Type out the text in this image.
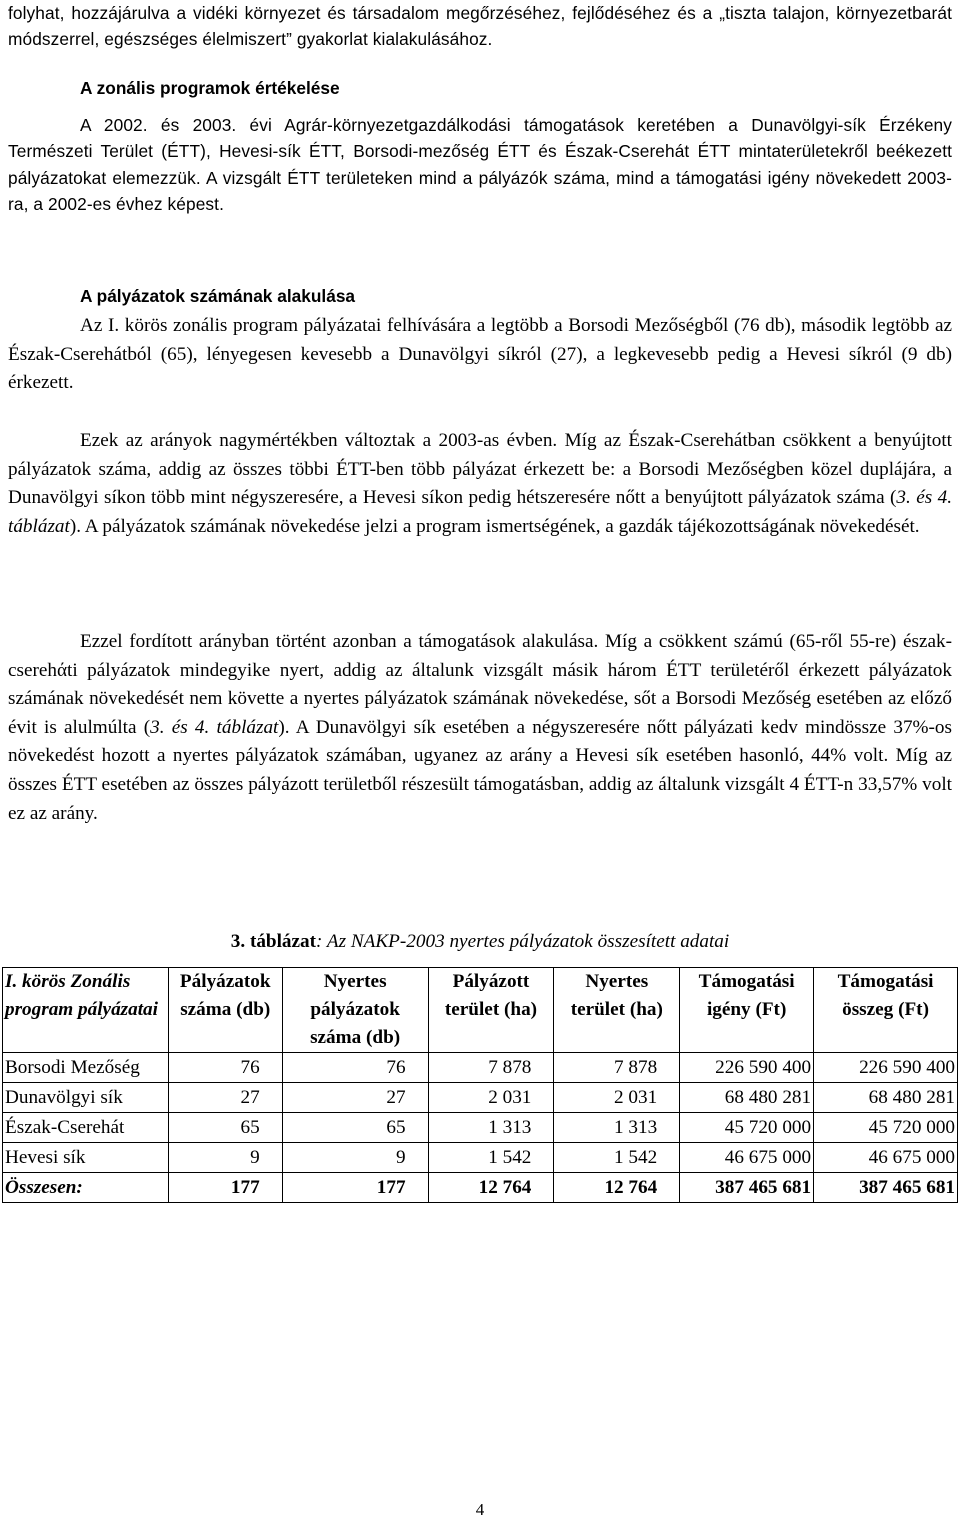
folyhat, hozzájárulva a vidéki környezet és társadalom megőrzéséhez, fejlődéséhez és a „tiszta talajon, környezetbarát módszerrel, egészséges élelmiszert” gyakorlat kialakulásához.

A zonális programok értékelése

A 2002. és 2003. évi Agrár-környezetgazdálkodási támogatások keretében a Dunavölgyi-sík Érzékeny Természeti Terület (ÉTT), Hevesi-sík ÉTT, Borsodi-mezőség ÉTT és Észak-Cserehát ÉTT mintaterületekről beékezett pályázatokat elemezzük. A vizsgált ÉTT területeken mind a pályázók száma, mind a támogatási igény növekedett 2003-ra, a 2002-es évhez képest.

A pályázatok számának alakulása

Az I. körös zonális program pályázatai felhívására a legtöbb a Borsodi Mezőségből (76 db), második legtöbb az Észak-Cserehátból (65), lényegesen kevesebb a Dunavölgyi síkról (27), a legkevesebb pedig a Hevesi síkról (9 db) érkezett.

Ezek az arányok nagymértékben változtak a 2003-as évben. Míg az Észak-Cserehátban csökkent a benyújtott pályázatok száma, addig az összes többi ÉTT-ben több pályázat érkezett be: a Borsodi Mezőségben közel duplájára, a Dunavölgyi síkon több mint négyszeresére, a Hevesi síkon pedig hétszeresére nőtt a benyújtott pályázatok száma (3. és 4. táblázat). A pályázatok számának növekedése jelzi a program ismertségének, a gazdák tájékozottságának növekedését.

Ezzel fordított arányban történt azonban a támogatások alakulása. Míg a csökkent számú (65-ről 55-re) észak-cserehάti pályázatok mindegyike nyert, addig az általunk vizsgált másik három ÉTT területéről érkezett pályázatok számának növekedését nem követte a nyertes pályázatok számának növekedése, sőt a Borsodi Mezőség esetében az előző évit is alulmúlta (3. és 4. táblázat). A Dunavölgyi sík esetében a négyszeresére nőtt pályázati kedv mindössze 37%-os növekedést hozott a nyertes pályázatok számában, ugyanez az arány a Hevesi sík esetében hasonló, 44% volt. Míg az összes ÉTT esetében az összes pályázott területből részesült támogatásban, addig az általunk vizsgált 4 ÉTT-n 33,57% volt ez az arány.

3. táblázat: Az NAKP-2003 nyertes pályázatok összesített adatai

I. körös Zonális program pályázatai	Pályázatok száma (db)	Nyertes pályázatok száma (db)	Pályázott terület (ha)	Nyertes terület (ha)	Támogatási igény (Ft)	Támogatási összeg (Ft)
Borsodi Mezőség	76	76	7 878	7 878	226 590 400	226 590 400
Dunavölgyi sík	27	27	2 031	2 031	68 480 281	68 480 281
Észak-Cserehát	65	65	1 313	1 313	45 720 000	45 720 000
Hevesi sík	9	9	1 542	1 542	46 675 000	46 675 000
Összesen:	177	177	12 764	12 764	387 465 681	387 465 681
4
